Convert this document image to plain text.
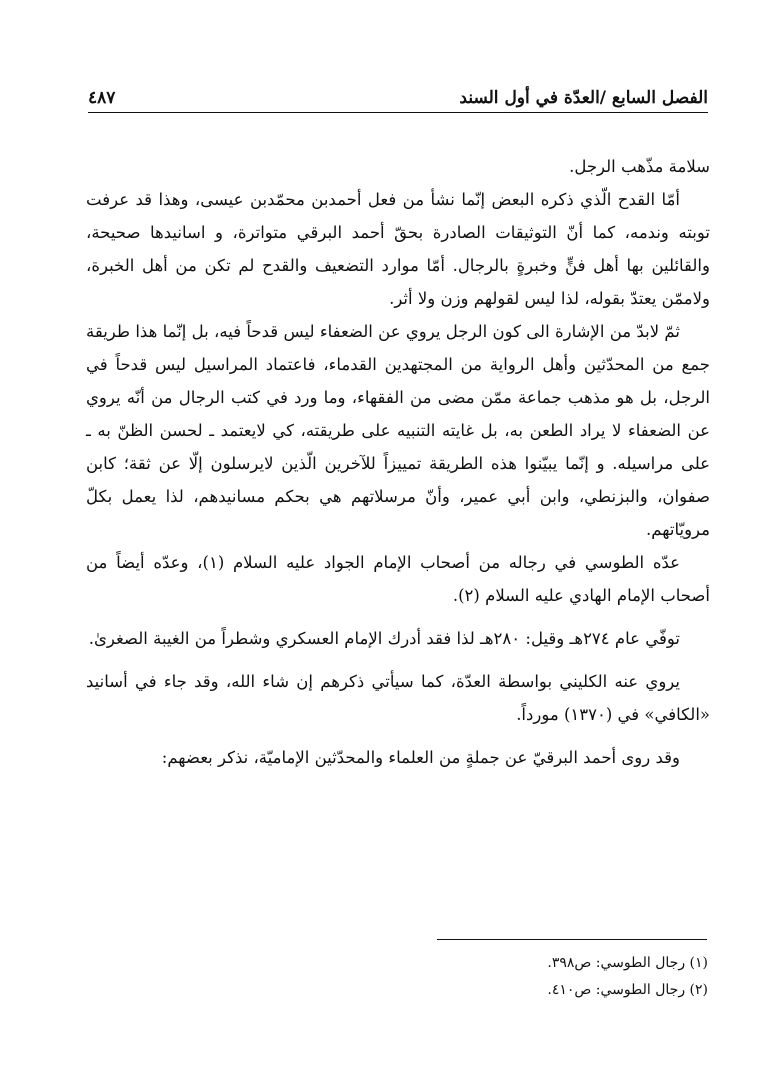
٤٨٧	الفصل السابع /العدّة في أول السند

سلامة مذّهب الرجل.

أمّا القدح الّذي ذكره البعض إنّما نشأ من فعل أحمدبن محمّدبن عيسى، وهذا قد عرفت توبته وندمه، كما أنّ التوثيقات الصادرة بحقّ أحمد البرقي متواترة، و اسانيدها صحيحة، والقائلين بها أهل فنٍّ وخبرةٍ بالرجال. أمّا موارد التضعيف والقدح لم تكن من أهل الخبرة، ولاممّن يعتدّ بقوله، لذا ليس لقولهم وزن ولا أثر.

ثمّ لابدّ من الإشارة الى كون الرجل يروي عن الضعفاء ليس قدحاً فيه، بل إنّما هذا طريقة جمع من المحدّثين وأهل الرواية من المجتهدين القدماء، فاعتماد المراسيل ليس قدحاً في الرجل، بل هو مذهب جماعة ممّن مضى من الفقهاء، وما ورد في كتب الرجال من أنّه يروي عن الضعفاء لا يراد الطعن به، بل غايته التنبيه على طريقته، كي لايعتمد ـ لحسن الظنّ به ـ على مراسيله. و إنّما يبيّنوا هذه الطريقة تمييزاً للآخرين الّذين لايرسلون إلّا عن ثقة؛ كابن صفوان، والبزنطي، وابن أبي عمير، وأنّ مرسلاتهم هي بحكم مسانيدهم، لذا يعمل بكلّ مرويّاتهم.

عدّه الطوسي في رجاله من أصحاب الإمام الجواد عليه السلام (١)، وعدّه أيضاً من أصحاب الإمام الهادي عليه السلام (٢).

توفّي عام ٢٧٤هـ وقيل: ٢٨٠هـ لذا فقد أدرك الإمام العسكري وشطراً من الغيبة الصغرىٰ.

يروي عنه الكليني بواسطة العدّة، كما سيأتي ذكرهم إن شاء الله، وقد جاء في أسانيد «الكافي» في (١٣٧٠) مورداً.

وقد روى أحمد البرقيّ عن جملةٍ من العلماء والمحدّثين الإماميّة، نذكر بعضهم:

(١) رجال الطوسي: ص٣٩٨.
(٢) رجال الطوسي: ص٤١٠.
